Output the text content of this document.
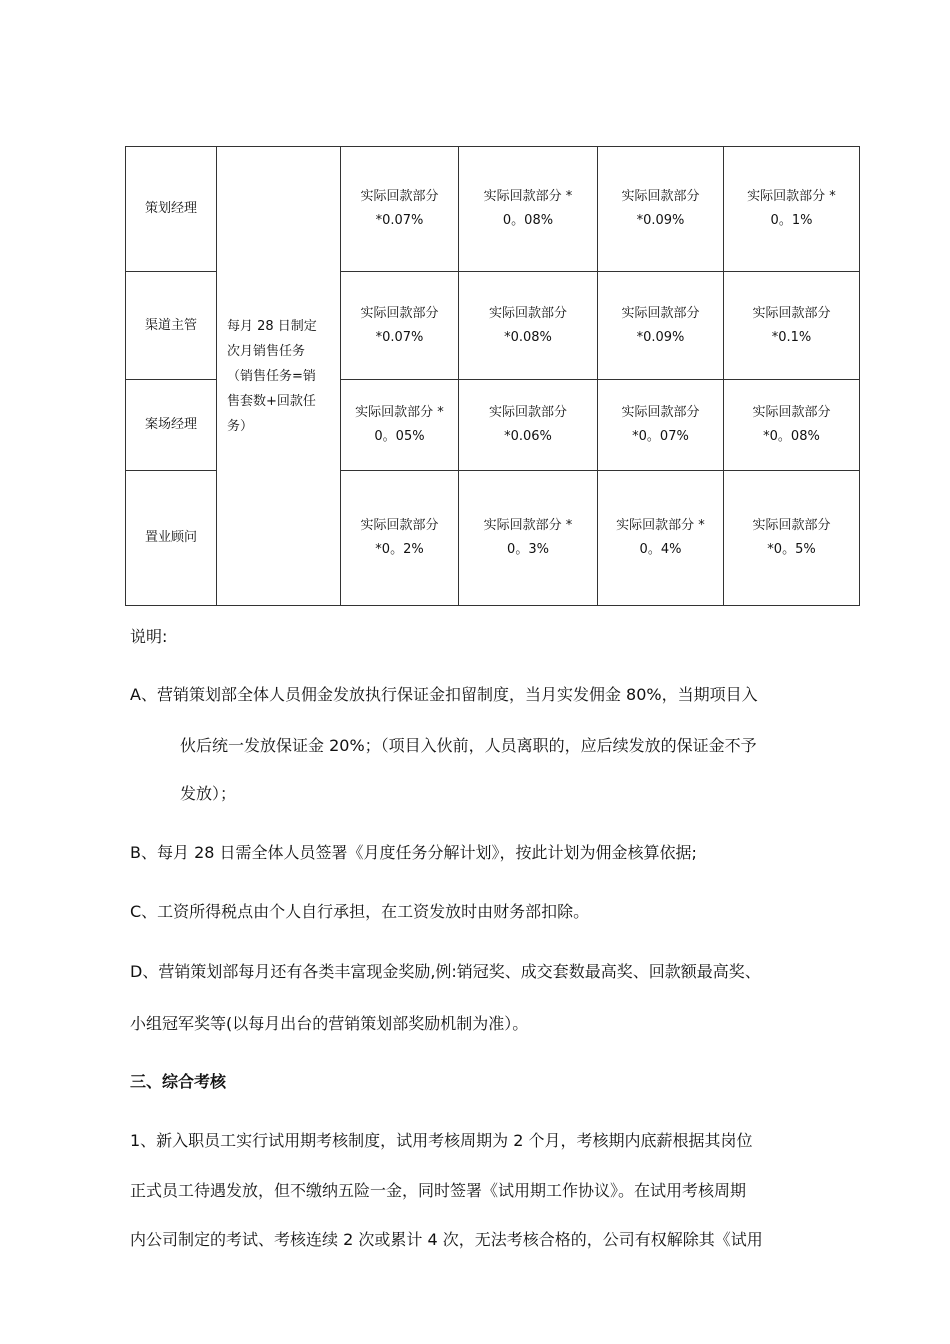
策划经理	每月 28 日制定
次月销售任务
（销售任务=销
售套数+回款任
务）	实际回款部分
*0.07%	实际回款部分 *
0。08%	实际回款部分
*0.09%	实际回款部分 *
0。1%

渠道主管		实际回款部分
*0.07%	实际回款部分
*0.08%	实际回款部分
*0.09%	实际回款部分
*0.1%

案场经理		实际回款部分 *
0。05%	实际回款部分
*0.06%	实际回款部分
*0。07%	实际回款部分
*0。08%

置业顾问		实际回款部分
*0。2%	实际回款部分 *
0。3%	实际回款部分 *
0。4%	实际回款部分
*0。5%
说明:
A、营销策划部全体人员佣金发放执行保证金扣留制度，当月实发佣金 80%，当期项目入
伙后统一发放保证金 20%；（项目入伙前，人员离职的，应后续发放的保证金不予
发放）；
B、每月 28 日需全体人员签署《月度任务分解计划》，按此计划为佣金核算依据;
C、工资所得税点由个人自行承担，在工资发放时由财务部扣除。
D、营销策划部每月还有各类丰富现金奖励,例:销冠奖、成交套数最高奖、回款额最高奖、
小组冠军奖等(以每月出台的营销策划部奖励机制为准）。
三、综合考核
1、新入职员工实行试用期考核制度，试用考核周期为 2 个月，考核期内底薪根据其岗位
正式员工待遇发放，但不缴纳五险一金，同时签署《试用期工作协议》。在试用考核周期
内公司制定的考试、考核连续 2 次或累计 4 次，无法考核合格的，公司有权解除其《试用
